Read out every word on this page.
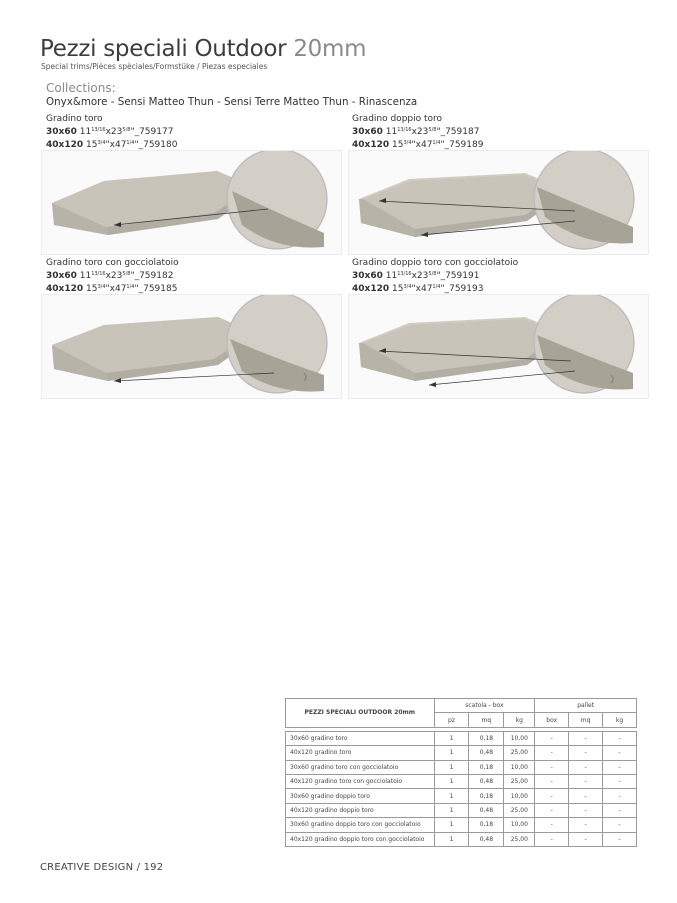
Pezzi speciali Outdoor 20mm
Special trims/Pièces spèciales/Formstüke / Piezas especiales
Collections:
Onyx&more - Sensi Matteo Thun - Sensi Terre Matteo Thun - Rinascenza
Gradino toro
30x60 $11^{13/16}x23^{5/8}"\_759177$
40x120 $15^{3/4}"x47^{1/4}"\_759180$
Gradino doppio toro
30x60 $11^{13/16}x23^{5/8}"\_759187$
40x120 $15^{3/4}"x47^{1/4}"\_759189$
Gradino toro con gocciolatoio
30x60 $11^{13/16}x23^{5/8}"\_759182$
40x120 $15^{3/4}"x47^{1/4}"\_759185$
Gradino doppio toro con gocciolatoio
30x60 $11^{13/16}x23^{5/8}"\_759191$
40x120 $15^{3/4}"x47^{1/4}"\_759193$
PEZZI SPECIALI OUTDOOR 20mm	scatola - box			pallet		
	pz	mq	kg	box	mq	kg

30x60 gradino toro	1	0,18	10,00	-	-	-
40x120 gradino toro	1	0,48	25,00	-	-	-
30x60 gradino toro con gocciolatoio	1	0,18	10,00	-	-	-
40x120 gradino toro con gocciolatoio	1	0,48	25,00	-	-	-
30x60 gradino doppio toro	1	0,18	10,00	-	-	-
40x120 gradino doppio toro	1	0,48	25,00	-	-	-
30x60 gradino doppio toro con gocciolatoio	1	0,18	10,00	-	-	-
40x120 gradino doppio toro con gocciolatoio	1	0,48	25,00	-	-	-
CREATIVE DESIGN / 192
